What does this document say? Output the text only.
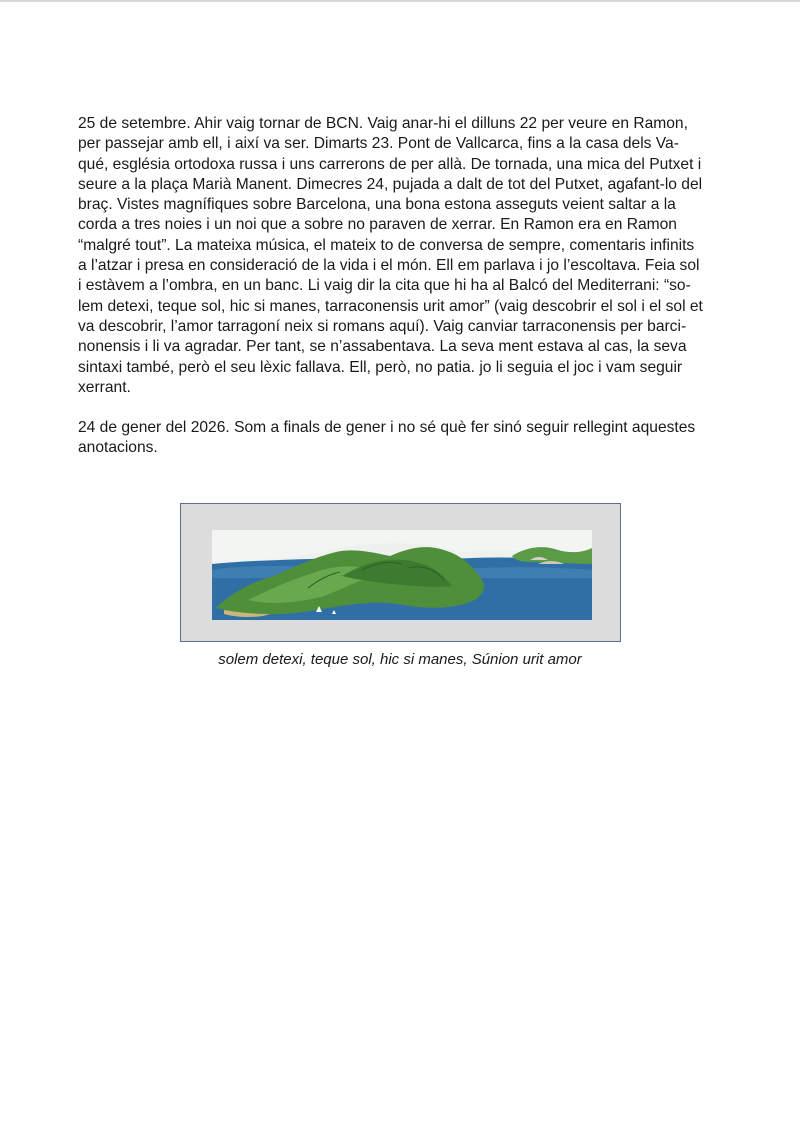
25 de setembre. Ahir vaig tornar de BCN. Vaig anar-hi el dilluns 22 per veure en Ramon,
per passejar amb ell, i així va ser. Dimarts 23. Pont de Vallcarca, fins a la casa dels Va-
qué, església ortodoxa russa i uns carrerons de per allà. De tornada, una mica del Putxet i
seure a la plaça Marià Manent. Dimecres 24, pujada a dalt de tot del Putxet, agafant-lo del
braç. Vistes magnífiques sobre Barcelona, una bona estona asseguts veient saltar a la
corda a tres noies i un noi que a sobre no paraven de xerrar. En Ramon era en Ramon
“malgré tout”. La mateixa música, el mateix to de conversa de sempre, comentaris infinits
a l’atzar i presa en consideració de la vida i el món. Ell em parlava i jo l’escoltava. Feia sol
i estàvem a l’ombra, en un banc. Li vaig dir la cita que hi ha al Balcó del Mediterrani: “so-
lem detexi, teque sol, hic si manes, tarraconensis urit amor” (vaig descobrir el sol i el sol et
va descobrir, l’amor tarragoní neix si romans aquí). Vaig canviar tarraconensis per barci-
nonensis i li va agradar. Per tant, se n’assabentava. La seva ment estava al cas, la seva
sintaxi també, però el seu lèxic fallava. Ell, però, no patia. jo li seguia el joc i vam seguir
xerrant.

24 de gener del 2026. Som a finals de gener i no sé què fer sinó seguir rellegint aquestes
anotacions.

solem detexi, teque sol, hic si manes, Súnion urit amor
